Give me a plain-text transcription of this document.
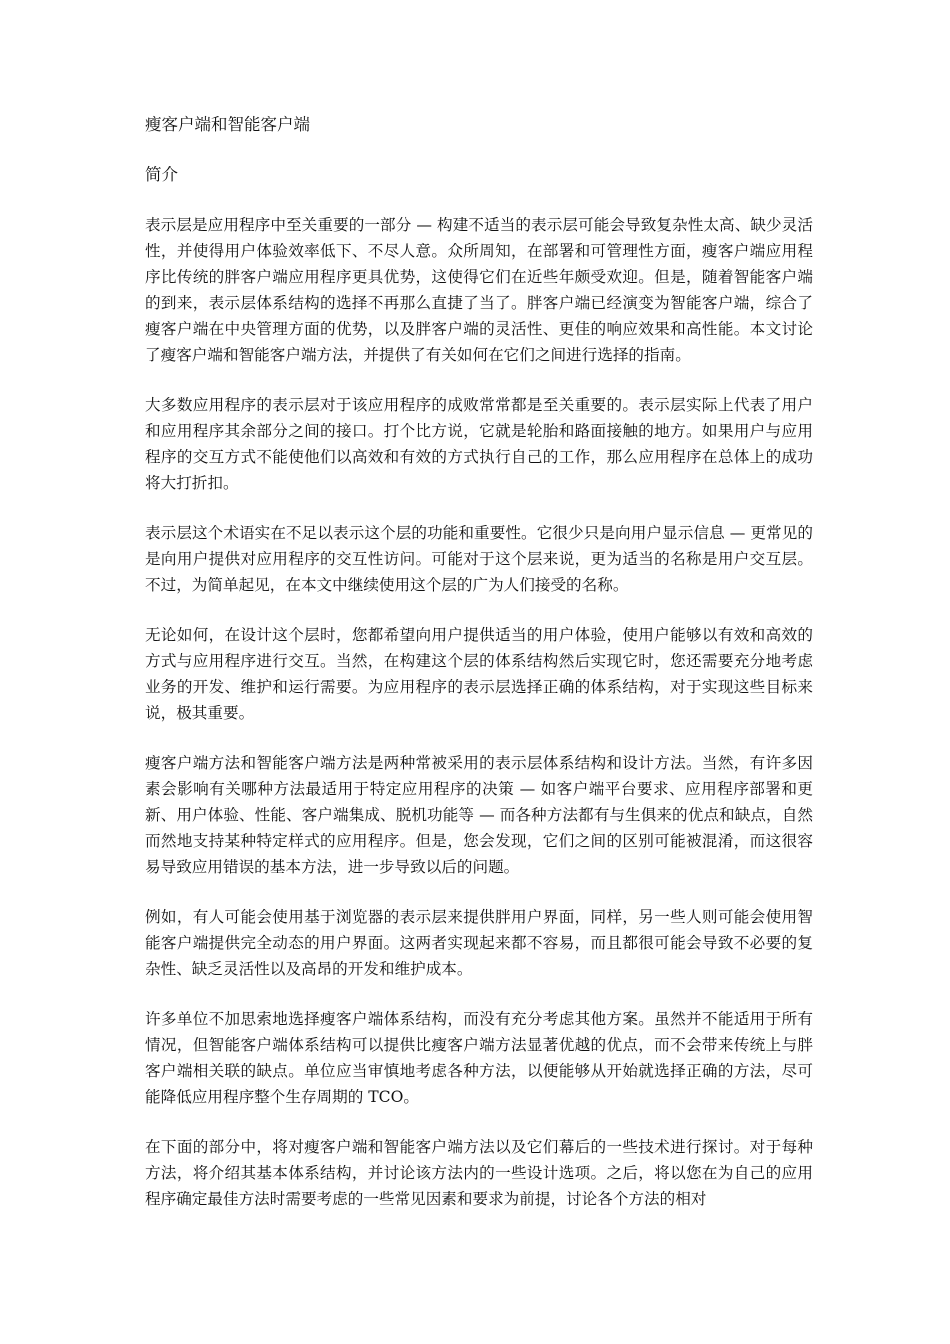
瘦客户端和智能客户端
简介

表示层是应用程序中至关重要的一部分 — 构建不适当的表示层可能会导致复杂性太高、缺少灵活性，并使得用户体验效率低下、不尽人意。众所周知，在部署和可管理性方面，瘦客户端应用程序比传统的胖客户端应用程序更具优势，这使得它们在近些年颇受欢迎。但是，随着智能客户端的到来，表示层体系结构的选择不再那么直捷了当了。胖客户端已经演变为智能客户端，综合了瘦客户端在中央管理方面的优势，以及胖客户端的灵活性、更佳的响应效果和高性能。本文讨论了瘦客户端和智能客户端方法，并提供了有关如何在它们之间进行选择的指南。

大多数应用程序的表示层对于该应用程序的成败常常都是至关重要的。表示层实际上代表了用户和应用程序其余部分之间的接口。打个比方说，它就是轮胎和路面接触的地方。如果用户与应用程序的交互方式不能使他们以高效和有效的方式执行自己的工作，那么应用程序在总体上的成功将大打折扣。

表示层这个术语实在不足以表示这个层的功能和重要性。它很少只是向用户显示信息 — 更常见的是向用户提供对应用程序的交互性访问。可能对于这个层来说，更为适当的名称是用户交互层。不过，为简单起见，在本文中继续使用这个层的广为人们接受的名称。

无论如何，在设计这个层时，您都希望向用户提供适当的用户体验，使用户能够以有效和高效的方式与应用程序进行交互。当然，在构建这个层的体系结构然后实现它时，您还需要充分地考虑业务的开发、维护和运行需要。为应用程序的表示层选择正确的体系结构，对于实现这些目标来说，极其重要。

瘦客户端方法和智能客户端方法是两种常被采用的表示层体系结构和设计方法。当然，有许多因素会影响有关哪种方法最适用于特定应用程序的决策 — 如客户端平台要求、应用程序部署和更新、用户体验、性能、客户端集成、脱机功能等 — 而各种方法都有与生俱来的优点和缺点，自然而然地支持某种特定样式的应用程序。但是，您会发现，它们之间的区别可能被混淆，而这很容易导致应用错误的基本方法，进一步导致以后的问题。

例如，有人可能会使用基于浏览器的表示层来提供胖用户界面，同样，另一些人则可能会使用智能客户端提供完全动态的用户界面。这两者实现起来都不容易，而且都很可能会导致不必要的复杂性、缺乏灵活性以及高昂的开发和维护成本。

许多单位不加思索地选择瘦客户端体系结构，而没有充分考虑其他方案。虽然并不能适用于所有情况，但智能客户端体系结构可以提供比瘦客户端方法显著优越的优点，而不会带来传统上与胖客户端相关联的缺点。单位应当审慎地考虑各种方法，以便能够从开始就选择正确的方法，尽可能降低应用程序整个生存周期的 TCO。

在下面的部分中，将对瘦客户端和智能客户端方法以及它们幕后的一些技术进行探讨。对于每种方法，将介绍其基本体系结构，并讨论该方法内的一些设计选项。之后，将以您在为自己的应用程序确定最佳方法时需要考虑的一些常见因素和要求为前提，讨论各个方法的相对
